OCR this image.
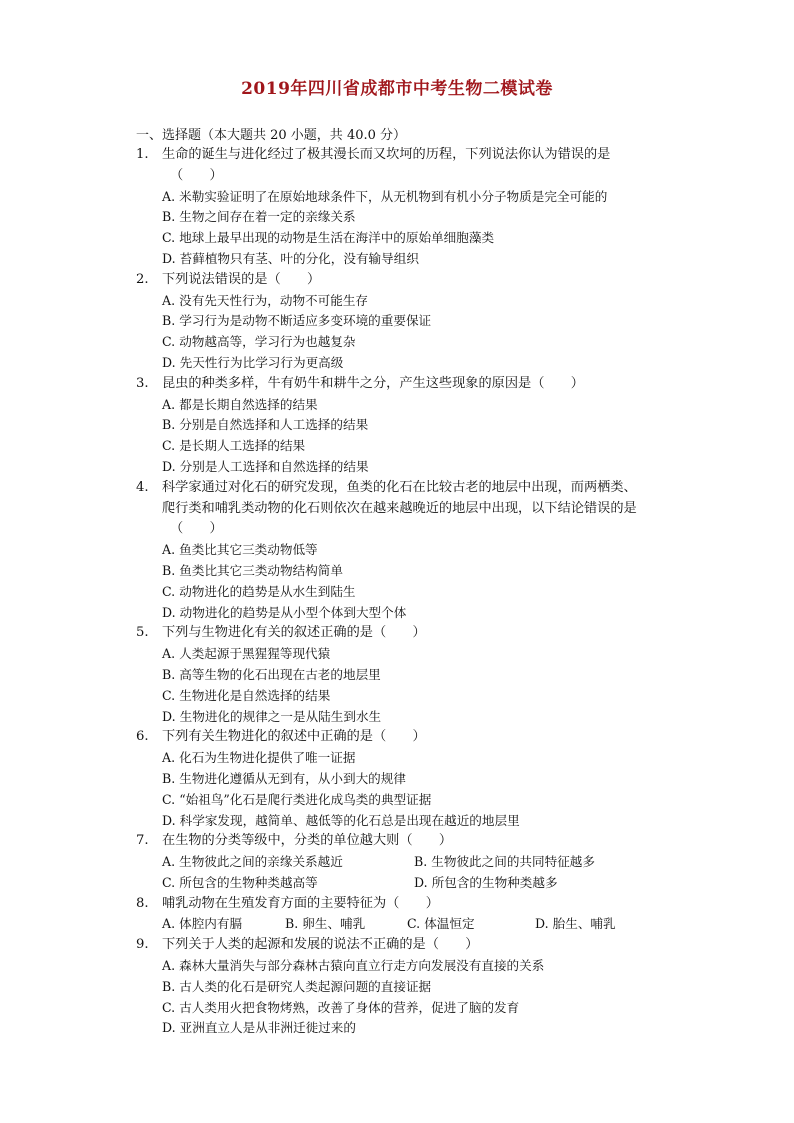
2019年四川省成都市中考生物二模试卷
一、选择题（本大题共 20 小题，共 40.0 分）
1. 生命的诞生与进化经过了极其漫长而又坎坷的历程，下列说法你认为错误的是
（　　）
A. 米勒实验证明了在原始地球条件下，从无机物到有机小分子物质是完全可能的
B. 生物之间存在着一定的亲缘关系
C. 地球上最早出现的动物是生活在海洋中的原始单细胞藻类
D. 苔藓植物只有茎、叶的分化，没有输导组织
2. 下列说法错误的是（　　）
A. 没有先天性行为，动物不可能生存
B. 学习行为是动物不断适应多变环境的重要保证
C. 动物越高等，学习行为也越复杂
D. 先天性行为比学习行为更高级
3. 昆虫的种类多样，牛有奶牛和耕牛之分，产生这些现象的原因是（　　）
A. 都是长期自然选择的结果
B. 分别是自然选择和人工选择的结果
C. 是长期人工选择的结果
D. 分别是人工选择和自然选择的结果
4. 科学家通过对化石的研究发现，鱼类的化石在比较古老的地层中出现，而两栖类、
爬行类和哺乳类动物的化石则依次在越来越晚近的地层中出现，以下结论错误的是
（　　）
A. 鱼类比其它三类动物低等
B. 鱼类比其它三类动物结构简单
C. 动物进化的趋势是从水生到陆生
D. 动物进化的趋势是从小型个体到大型个体
5. 下列与生物进化有关的叙述正确的是（　　）
A. 人类起源于黑猩猩等现代猿
B. 高等生物的化石出现在古老的地层里
C. 生物进化是自然选择的结果
D. 生物进化的规律之一是从陆生到水生
6. 下列有关生物进化的叙述中正确的是（　　）
A. 化石为生物进化提供了唯一证据
B. 生物进化遵循从无到有，从小到大的规律
C. “始祖鸟”化石是爬行类进化成鸟类的典型证据
D. 科学家发现，越简单、越低等的化石总是出现在越近的地层里
7. 在生物的分类等级中，分类的单位越大则（　　）
A. 生物彼此之间的亲缘关系越近	B. 生物彼此之间的共同特征越多
C. 所包含的生物种类越高等	D. 所包含的生物种类越多
8. 哺乳动物在生殖发育方面的主要特征为（　　）
A. 体腔内有膈	B. 卵生、哺乳	C. 体温恒定	D. 胎生、哺乳
9. 下列关于人类的起源和发展的说法不正确的是（　　）
A. 森林大量消失与部分森林古猿向直立行走方向发展没有直接的关系
B. 古人类的化石是研究人类起源问题的直接证据
C. 古人类用火把食物烤熟，改善了身体的营养，促进了脑的发育
D. 亚洲直立人是从非洲迁徙过来的
